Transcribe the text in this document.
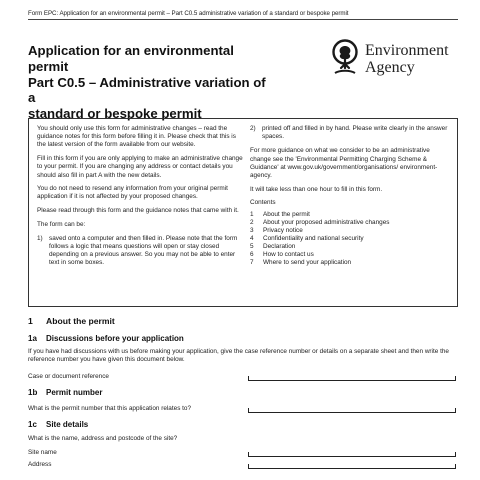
Form EPC: Application for an environmental permit – Part C0.5 administrative variation of a standard or bespoke permit
Application for an environmental permit
Part C0.5 – Administrative variation of a
standard or bespoke permit
Environment
Agency

You should only use this form for administrative changes – read the guidance notes for this form before filling it in. Please check that this is the latest version of the form available from our website.

Fill in this form if you are only applying to make an administrative change to your permit. If you are changing any address or contact details you should also fill in part A with the new details.

You do not need to resend any information from your original permit application if it is not affected by your proposed changes.

Please read through this form and the guidance notes that came with it.

The form can be:

1) saved onto a computer and then filled in. Please note that the form follows a logic that means questions will open or stay closed depending on a previous answer. So you may not be able to enter text in some boxes.
2) printed off and filled in by hand. Please write clearly in the answer spaces.

For more guidance on what we consider to be an administrative change see the 'Environmental Permitting Charging Scheme & Guidance' at www.gov.uk/government/organisations/ environment-agency.

It will take less than one hour to fill in this form.

Contents
1	About the permit
2	About your proposed administrative changes
3	Privacy notice
4	Confidentiality and national security
5	Declaration
6	How to contact us
7	Where to send your application
1 About the permit
1a Discussions before your application
If you have had discussions with us before making your application, give the case reference number or details on a separate sheet and then write the reference number you have given this document below.
Case or document reference
1b Permit number
What is the permit number that this application relates to?
1c Site details
What is the name, address and postcode of the site?
Site name
Address
